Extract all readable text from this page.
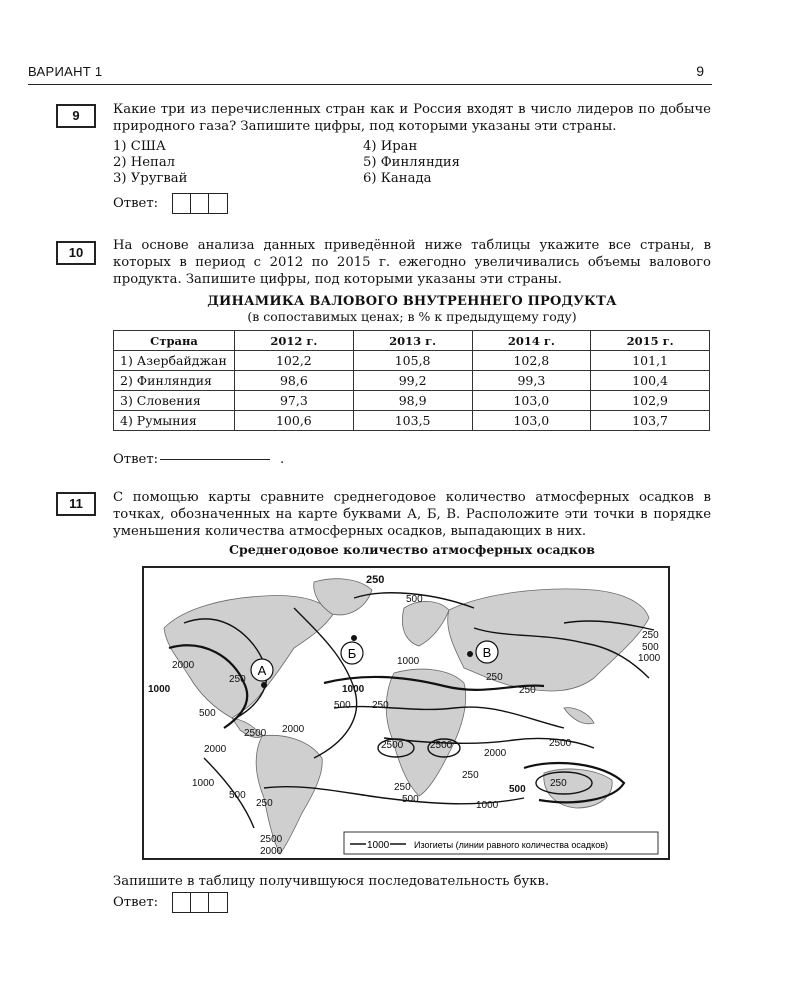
ВАРИАНТ 1	9
9	Какие три из перечисленных стран как и Россия входят в число лидеров по добыче природного газа? Запишите цифры, под которыми указаны эти страны.
1) США
2) Непал
3) Уругвай
4) Иран
5) Финляндия
6) Канада
Ответ:
10	На основе анализа данных приведённой ниже таблицы укажите все страны, в которых в период с 2012 по 2015 г. ежегодно увеличивались объемы валового продукта. Запишите цифры, под которыми указаны эти страны.
ДИНАМИКА ВАЛОВОГО ВНУТРЕННЕГО ПРОДУКТА
(в сопоставимых ценах; в % к предыдущему году)
Страна	2012 г.	2013 г.	2014 г.	2015 г.
1) Азербайджан	102,2	105,8	102,8	101,1
2) Финляндия	98,6	99,2	99,3	100,4
3) Словения	97,3	98,9	103,0	102,9
4) Румыния	100,6	103,5	103,0	103,7
Ответ:	.
11	С помощью карты сравните среднегодовое количество атмосферных осадков в точках, обозначенных на карте буквами А, Б, В. Расположите эти точки в порядке уменьшения количества атмосферных осадков, выпадающих в них.
Среднегодовое количество атмосферных осадков
250
500
1000
2000
250
500
2500
2000
2000
1000
500
250
2500
2000
1000
1000
500 250
2500	2500
250
250
2000
2500
250
500
250
500
250
1000
250
500
1000
А
Б	В
1000	Изогиеты (линии равного количества осадков)
Запишите в таблицу получившуюся последовательность букв.
Ответ:
